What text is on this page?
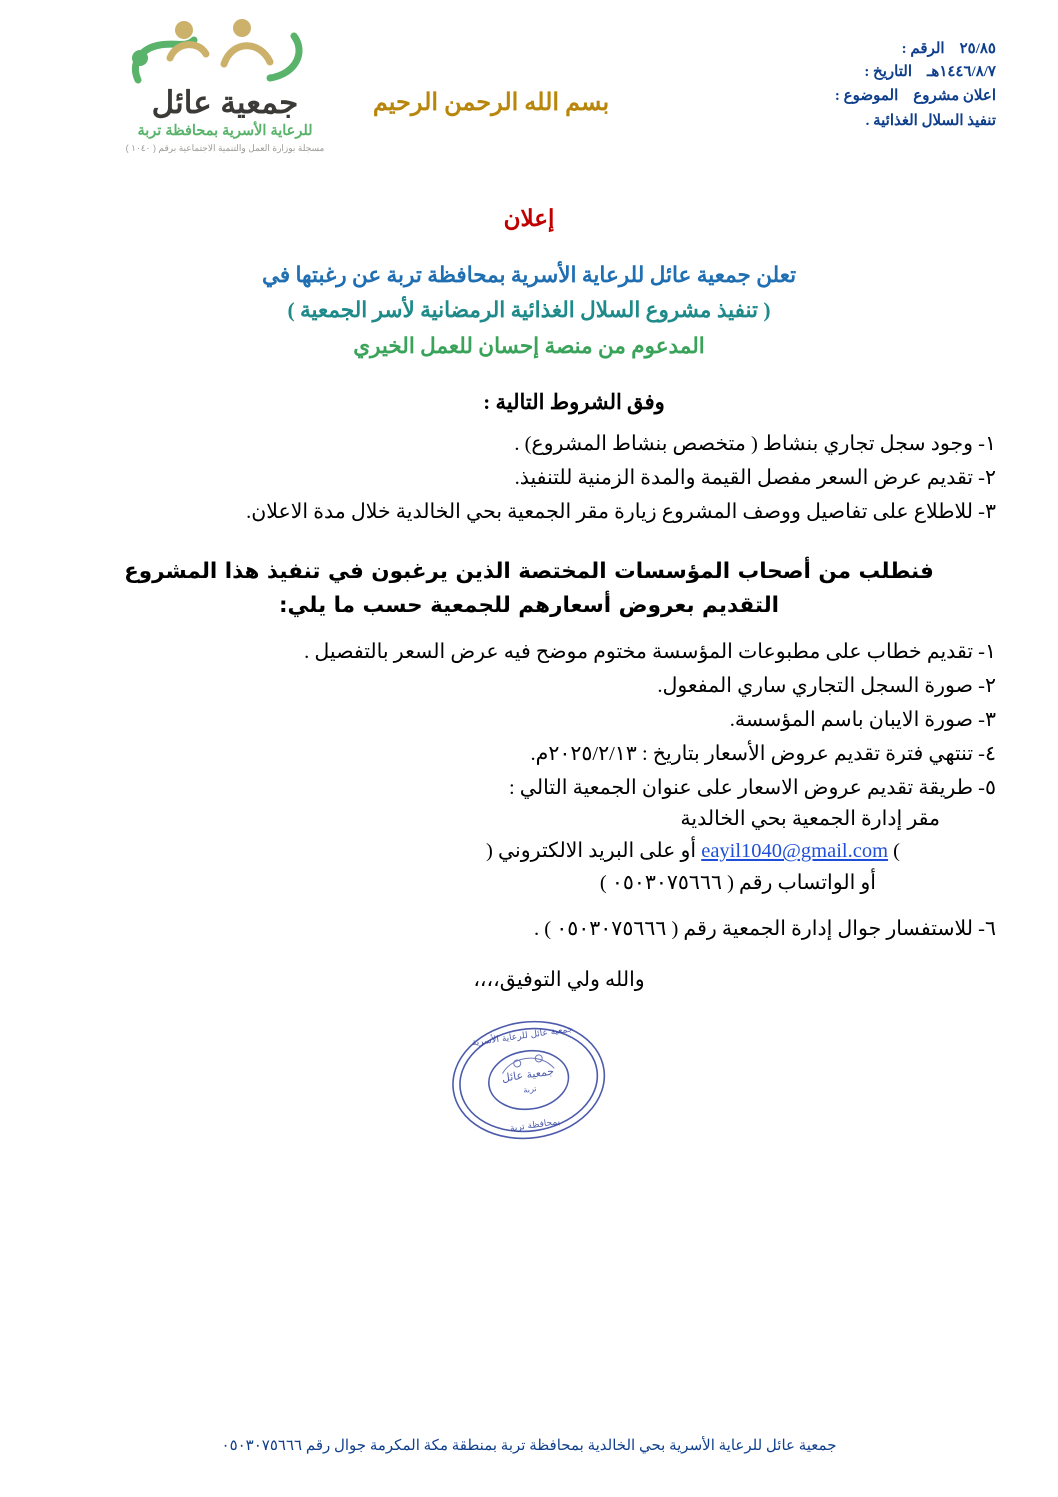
٢٥/٨٥    الرقم :
١٤٤٦/٨/٧هـ    التاريخ :
اعلان مشروع    الموضوع :
تنفيذ السلال الغذائية .
بسم الله الرحمن الرحيم
جمعية عائل
للرعاية الأسرية بمحافظة تربة
مسجلة بوزارة العمل والتنمية الاجتماعية برقم ( ١٠٤٠ )
إعلان
تعلن جمعية عائل للرعاية الأسرية بمحافظة تربة عن رغبتها في
( تنفيذ مشروع السلال الغذائية الرمضانية لأسر الجمعية )
المدعوم من منصة إحسان للعمل الخيري
وفق الشروط التالية :
١- وجود سجل تجاري بنشاط ( متخصص بنشاط المشروع) .
٢- تقديم عرض السعر مفصل القيمة والمدة الزمنية للتنفيذ.
٣- للاطلاع على تفاصيل ووصف المشروع زيارة مقر الجمعية بحي الخالدية خلال مدة الاعلان.
فنطلب من أصحاب المؤسسات المختصة الذين يرغبون في تنفيذ هذا المشروع التقديم بعروض أسعارهم للجمعية حسب ما يلي:
١- تقديم خطاب على مطبوعات المؤسسة مختوم موضح فيه عرض السعر بالتفصيل .
٢- صورة السجل التجاري ساري المفعول.
٣- صورة الايبان باسم المؤسسة.
٤- تنتهي فترة تقديم عروض الأسعار بتاريخ : ٢٠٢٥/٢/١٣م.
٥- طريقة تقديم عروض الاسعار على عنوان الجمعية التالي :
مقر إدارة الجمعية بحي الخالدية
) eayil1040@gmail.com أو على البريد الالكتروني (
أو الواتساب رقم ( ٠٥٠٣٠٧٥٦٦٦ )
٦- للاستفسار جوال إدارة الجمعية رقم ( ٠٥٠٣٠٧٥٦٦٦ ) .
والله ولي التوفيق،،،،
جمعية عائل للرعاية الأسرية
جمعية عائل
تربة
بمحافظة تربة
جمعية عائل للرعاية الأسرية بحي الخالدية بمحافظة تربة بمنطقة مكة المكرمة جوال رقم ٠٥٠٣٠٧٥٦٦٦
